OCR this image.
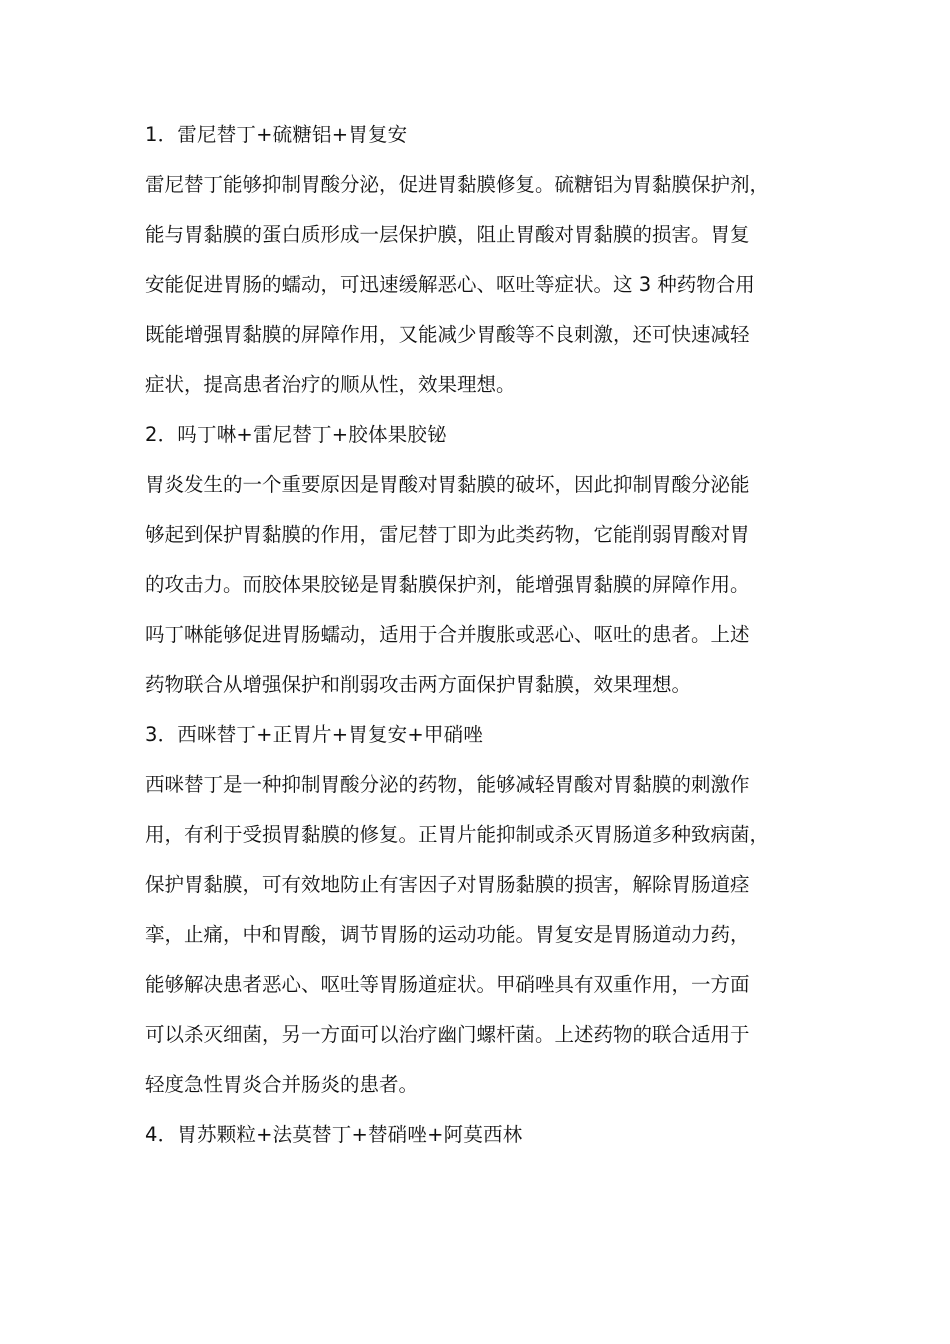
1．雷尼替丁+硫糖铝+胃复安

雷尼替丁能够抑制胃酸分泌，促进胃黏膜修复。硫糖铝为胃黏膜保护剂，

能与胃黏膜的蛋白质形成一层保护膜，阻止胃酸对胃黏膜的损害。胃复

安能促进胃肠的蠕动，可迅速缓解恶心、呕吐等症状。这 3 种药物合用

既能增强胃黏膜的屏障作用，又能减少胃酸等不良刺激，还可快速减轻

症状，提高患者治疗的顺从性，效果理想。

2．吗丁啉+雷尼替丁+胶体果胶铋

胃炎发生的一个重要原因是胃酸对胃黏膜的破坏，因此抑制胃酸分泌能

够起到保护胃黏膜的作用，雷尼替丁即为此类药物，它能削弱胃酸对胃

的攻击力。而胶体果胶铋是胃黏膜保护剂，能增强胃黏膜的屏障作用。

吗丁啉能够促进胃肠蠕动，适用于合并腹胀或恶心、呕吐的患者。上述

药物联合从增强保护和削弱攻击两方面保护胃黏膜，效果理想。

3．西咪替丁+正胃片+胃复安+甲硝唑

西咪替丁是一种抑制胃酸分泌的药物，能够减轻胃酸对胃黏膜的刺激作

用，有利于受损胃黏膜的修复。正胃片能抑制或杀灭胃肠道多种致病菌，

保护胃黏膜，可有效地防止有害因子对胃肠黏膜的损害，解除胃肠道痉

挛，止痛，中和胃酸，调节胃肠的运动功能。胃复安是胃肠道动力药，

能够解决患者恶心、呕吐等胃肠道症状。甲硝唑具有双重作用，一方面

可以杀灭细菌，另一方面可以治疗幽门螺杆菌。上述药物的联合适用于

轻度急性胃炎合并肠炎的患者。

4．胃苏颗粒+法莫替丁+替硝唑+阿莫西林
